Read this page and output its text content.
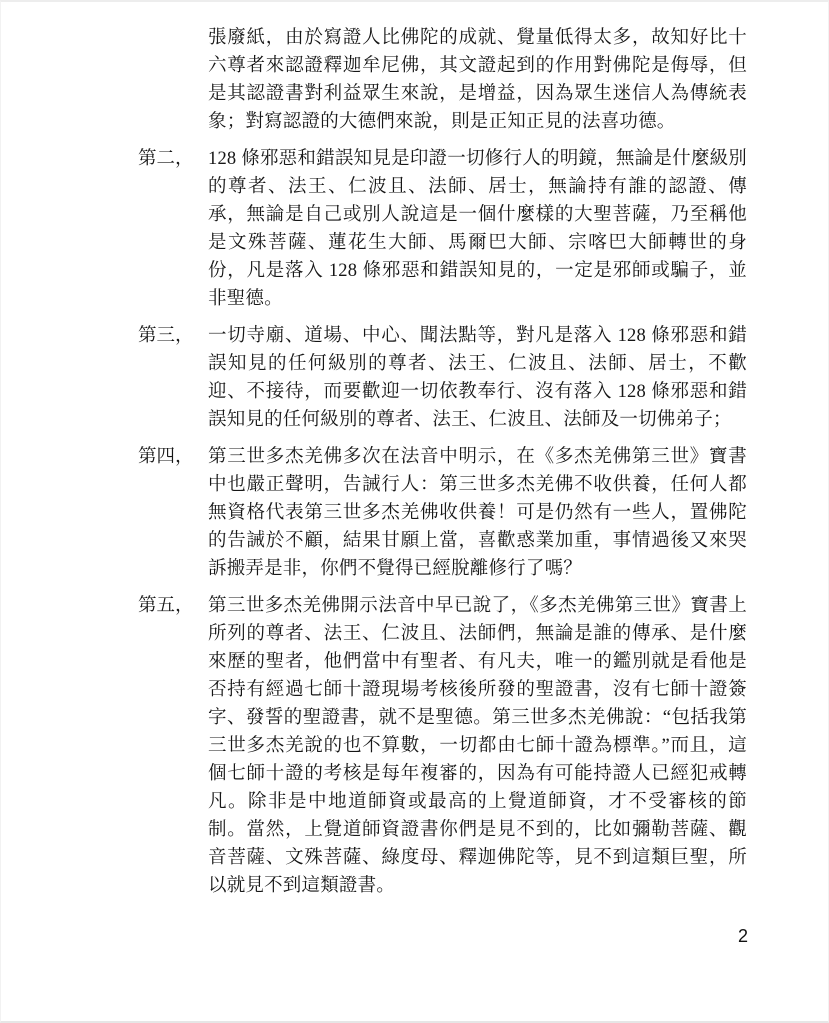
張廢紙，由於寫證人比佛陀的成就、覺量低得太多，故知好比十六尊者來認證釋迦牟尼佛，其文證起到的作用對佛陀是侮辱，但是其認證書對利益眾生來說，是增益，因為眾生迷信人為傳統表象；對寫認證的大德們來說，則是正知正見的法喜功德。
第二， 128 條邪惡和錯誤知見是印證一切修行人的明鏡，無論是什麼級別的尊者、法王、仁波且、法師、居士，無論持有誰的認證、傳承，無論是自己或別人說這是一個什麼樣的大聖菩薩，乃至稱他是文殊菩薩、蓮花生大師、馬爾巴大師、宗喀巴大師轉世的身份，凡是落入 128 條邪惡和錯誤知見的，一定是邪師或騙子，並非聖德。
第三， 一切寺廟、道場、中心、聞法點等，對凡是落入 128 條邪惡和錯誤知見的任何級別的尊者、法王、仁波且、法師、居士，不歡迎、不接待，而要歡迎一切依教奉行、沒有落入 128 條邪惡和錯誤知見的任何級別的尊者、法王、仁波且、法師及一切佛弟子；
第四， 第三世多杰羌佛多次在法音中明示，在《多杰羌佛第三世》寶書中也嚴正聲明，告誡行人：第三世多杰羌佛不收供養，任何人都無資格代表第三世多杰羌佛收供養！可是仍然有一些人，置佛陀的告誡於不顧，結果甘願上當，喜歡惑業加重，事情過後又來哭訴搬弄是非，你們不覺得已經脫離修行了嗎？
第五， 第三世多杰羌佛開示法音中早已說了，《多杰羌佛第三世》寶書上所列的尊者、法王、仁波且、法師們，無論是誰的傳承、是什麼來歷的聖者，他們當中有聖者、有凡夫，唯一的鑑別就是看他是否持有經過七師十證現場考核後所發的聖證書，沒有七師十證簽字、發誓的聖證書，就不是聖德。第三世多杰羌佛說：“包括我第三世多杰羌說的也不算數，一切都由七師十證為標準。”而且，這個七師十證的考核是每年複審的，因為有可能持證人已經犯戒轉凡。除非是中地道師資或最高的上覺道師資，才不受審核的節制。當然，上覺道師資證書你們是見不到的，比如彌勒菩薩、觀音菩薩、文殊菩薩、綠度母、釋迦佛陀等，見不到這類巨聖，所以就見不到這類證書。
2
